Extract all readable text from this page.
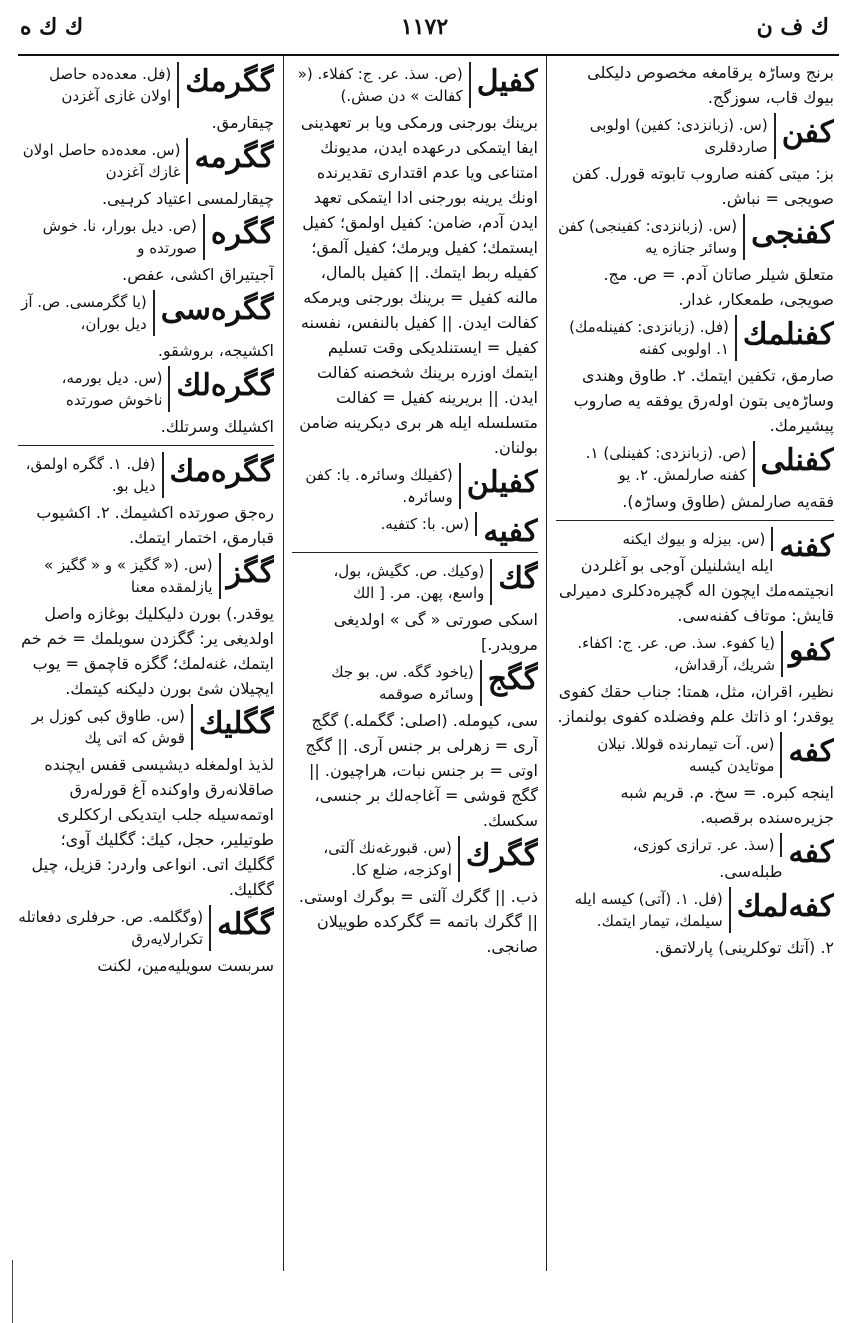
ك ف ن
١١٧٢
ك ك ه
برنج وساڑہ یرقامغه مخصوص دلیکلی بیوك قاب، سوزگج.
کفن
(س. (زبانزدی: کفین) اولوبی صاردقلری
بز: میتی کفنه صاروب تابوته قورل. کفن صویجی = نباش.
کفنجی
(س. (زبانزدی: کفینجی) کفن وسائر جنازه یه
متعلق شیلر صاتان آدم. = ص. مج. صویجی، طمعکار، غدار.
کفنلمك
(فل. (زبانزدی: کفینله‌مك) ۱. اولوبی کفنه
صارمق، تکفین ایتمك. ۲. طاوق وهندی وساڑہ‌یی بتون اولەرق یوفقه یه صاروب پیشیرمك.
کفنلی
(ص. (زبانزدی: کفینلی) ۱. کفنه صارلمش. ۲. یو
فقه‌یه صارلمش (طاوق وساڑہ).
کفنه
(س. بیزله و بیوك ایکنه
ایله ایشلنیلن آوجی بو آغلردن انجیتمه‌مك ایچون اله گچیرە‌دکلری دمیرلی قایش: موتاف کفنه‌سی.
کفو
(یا کفوء. سذ. ص. عر. ج: اکفاء. شریك، آرقداش،
نظیر، اقران، مثل، همتا: جناب حقك کفوی یوقدر؛ او ذاتك علم وفضلده کفوی بولنماز.
کفه
(س. آت تیمارنده قوللا. نیلان موتایدن کیسه
اینجه کبره. = سخ. م. قریم شبه جزیره‌سنده برقصبه.
کفه
(سذ. عر. ترازی کوزی،
طبله‌سی.
کفه‌لمك
(فل. ۱. (آتی) کیسه ایله سیلمك، تیمار ایتمك.
۲. (آتك توکلرینی) پارلاتمق.
کفیل
(ص. سذ. عر. ج: کفلاء. (« کفالت » دن صش.)
برینك بورجنی ورمکی ویا بر تعهدینی ایفا ایتمکی درعهده ایدن، مدیونك امتناعی ویا عدم اقتداری تقدیرنده اونك یرینه بورجنی ادا ایتمکی تعهد ایدن آدم، ضامن: کفیل اولمق؛ کفیل ایستمك؛ کفیل ویرمك؛ کفیل آلمق؛ کفیله ربط ایتمك. || کفیل بالمال، مالنه کفیل = برینك بورجنی ویرمکه کفالت ایدن. || کفیل بالنفس، نفسنه کفیل = ایستنلدیکی وقت تسلیم ایتمك اوزره برینك شخصنه کفالت ایدن. || بریرینه کفیل = کفالت متسلسله ایله هر بری دیکرینه ضامن بولنان.
کفیلن
(کفیلك وسائرہ. با: کفن وسائرہ.
کفیه
(س. با: کتفیه.
گك
(وکیك. ص. کگیش، بول، واسع، پهن. مر. [ الك
اسکی صورتی « گی » اولدیغی مرویدر.]
گگج
(یاخود گگه. س. بو جك وسائرہ صوقمه
سی، کیومله. (اصلی: گگمله.) گگج آری = زهرلی بر جنس آری. || گگج اوتی = بر جنس نبات، هراچیون. || گگج قوشی = آغاجه‌لك بر جنسی، سکسك.
گگرك
(س. قبورغه‌نك آلتی، اوکزجه، ضلع کا.
ذب. || گگرك آلتی = بوگرك اوستی. || گگرك باتمه = گگرکده طوییلان صانجی.
گگرمك
(فل. معده‌ده حاصل اولان غازی آغزدن
چیقارمق.
گگرمه
(س. معده‌ده حاصل اولان غازك آغزدن
چیقارلمسی اعتیاد کرہیی.
گگره
(ص. دیل بورار، نا. خوش صورتده و
آجیتیراق اکشی، عفص.
گگره‌سی
(یا گگرمسی. ص. آز دیل بوران،
اکشیجه، بروشقو.
گگره‌لك
(س. دیل بورمه، ناخوش صورتده
اکشیلك وسرتلك.
گگره‌مك
(فل. ۱. گگره اولمق، دیل بو.
ره‌جق صورتده اکشیمك. ۲. اکشیوب قبارمق، اختمار ایتمك.
گگز
(س. (« گگیز » و « گگیز » یازلمقده معنا
یوقدر.) بورن دلیکلیك بوغازه واصل اولدیغی یر: گگزدن سویلمك = خم خم ایتمك، غنه‌لمك؛ گگزه قاچمق = یوب ایچیلان شئ بورن دلیکنه کیتمك.
گگلیك
(س. طاوق کبی کوزل بر قوش که اتی پك
لذیذ اولمغله دیشیسی قفس ایچنده صاقلانەرق واوکنده آغ قورلەرق اوتمه‌سیله جلب ایتدیکی ارککلری طوتیلیر، حجل، کیك: گگلیك آوی؛ گگلیك اتی. انواعی واردر: قزیل، چیل گگلیك.
گگله
(وگگلمه. ص. حرفلری دفعاتله تکرارلایەرق
سربست سویلیه‌مین، لکنت
